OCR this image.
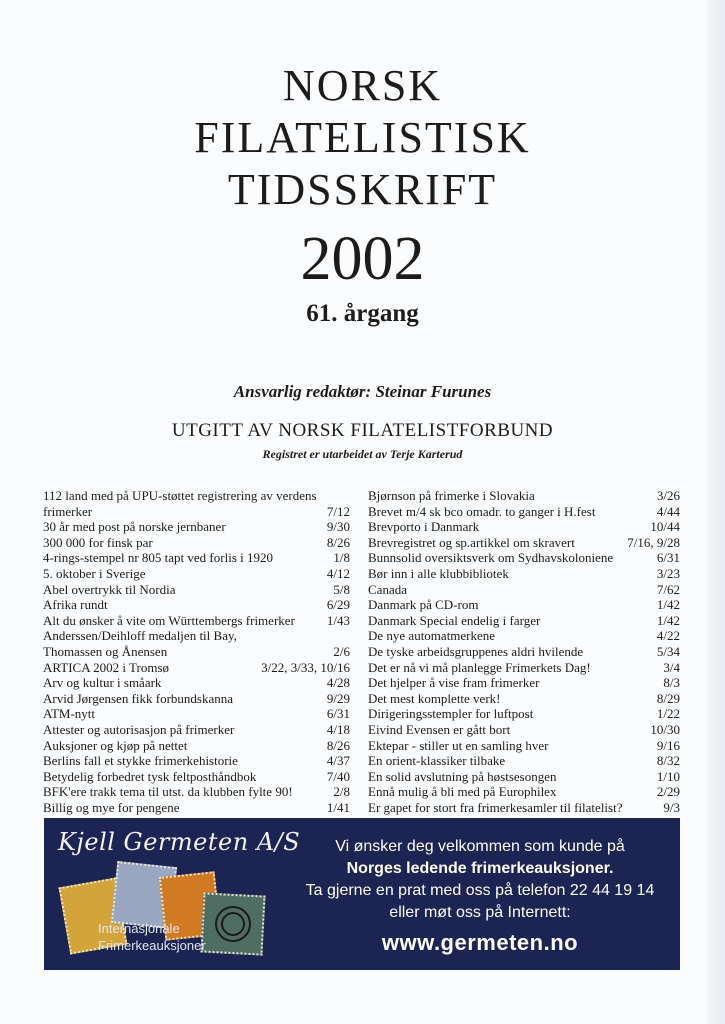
NORSK
FILATELISTISK
TIDSSKRIFT
2002
61. årgang
Ansvarlig redaktør: Steinar Furunes
UTGITT AV NORSK FILATELISTFORBUND
Registret er utarbeidet av Terje Karterud
112 land med på UPU-støttet registrering av verdens
frimerker	7/12
30 år med post på norske jernbaner	9/30
300 000 for finsk par	8/26
4-rings-stempel nr 805 tapt ved forlis i 1920	1/8
5. oktober i Sverige	4/12
Abel overtrykk til Nordia	5/8
Afrika rundt	6/29
Alt du ønsker å vite om Württembergs frimerker	1/43
Anderssen/Deihloff medaljen til Bay,
Thomassen og Ånensen	2/6
ARTICA 2002 i Tromsø	3/22, 3/33, 10/16
Arv og kultur i småark	4/28
Arvid Jørgensen fikk forbundskanna	9/29
ATM-nytt	6/31
Attester og autorisasjon på frimerker	4/18
Auksjoner og kjøp på nettet	8/26
Berlins fall et stykke frimerkehistorie	4/37
Betydelig forbedret tysk feltposthåndbok	7/40
BFK'ere trakk tema til utst. da klubben fylte 90!	2/8
Billig og mye for pengene	1/41
Bjørnson på frimerke i Slovakia	3/26
Brevet m/4 sk bco omadr. to ganger i H.fest	4/44
Brevporto i Danmark	10/44
Brevregistret og sp.artikkel om skravert	7/16, 9/28
Bunnsolid oversiktsverk om Sydhavskoloniene	6/31
Bør inn i alle klubbibliotek	3/23
Canada	7/62
Danmark på CD-rom	1/42
Danmark Special endelig i farger	1/42
De nye automatmerkene	4/22
De tyske arbeidsgruppenes aldri hvilende	5/34
Det er nå vi må planlegge Frimerkets Dag!	3/4
Det hjelper å vise fram frimerker	8/3
Det mest komplette verk!	8/29
Dirigeringsstempler for luftpost	1/22
Eivind Evensen er gått bort	10/30
Ektepar - stiller ut en samling hver	9/16
En orient-klassiker tilbake	8/32
En solid avslutning på høstsesongen	1/10
Ennå mulig å bli med på Europhilex	2/29
Er gapet for stort fra frimerkesamler til filatelist?	9/3
Kjell Germeten A/S
Internasjonale
Frimerkeauksjoner
Vi ønsker deg velkommen som kunde på
Norges ledende frimerkeauksjoner.
Ta gjerne en prat med oss på telefon 22 44 19 14
eller møt oss på Internett:
www.germeten.no
